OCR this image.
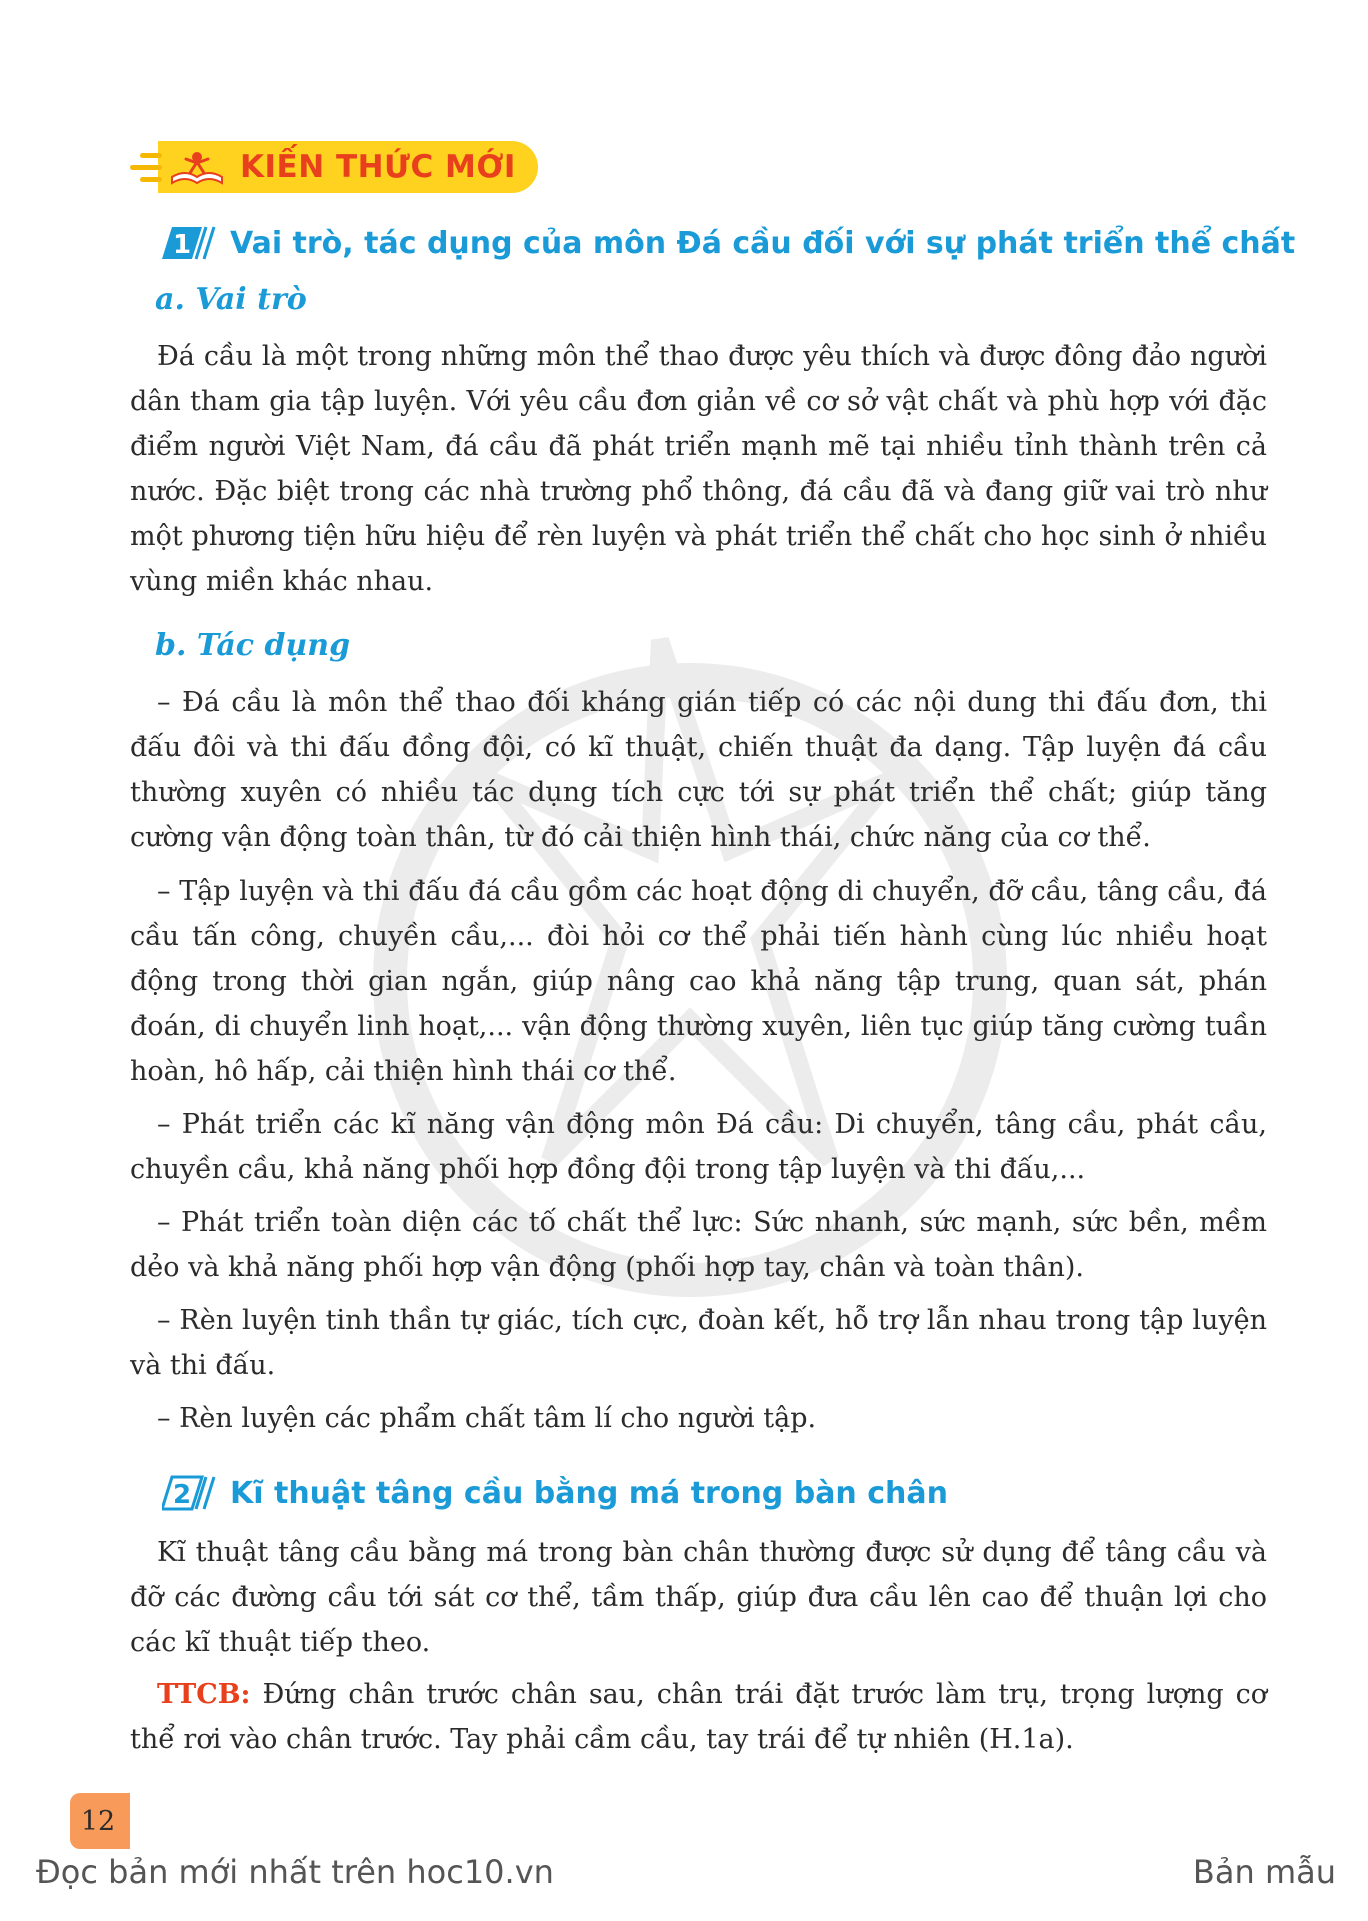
KIẾN THỨC MỚI
1 Vai trò, tác dụng của môn Đá cầu đối với sự phát triển thể chất
a. Vai trò

Đá cầu là một trong những môn thể thao được yêu thích và được đông đảo người dân tham gia tập luyện. Với yêu cầu đơn giản về cơ sở vật chất và phù hợp với đặc điểm người Việt Nam, đá cầu đã phát triển mạnh mẽ tại nhiều tỉnh thành trên cả nước. Đặc biệt trong các nhà trường phổ thông, đá cầu đã và đang giữ vai trò như một phương tiện hữu hiệu để rèn luyện và phát triển thể chất cho học sinh ở nhiều vùng miền khác nhau.

b. Tác dụng

– Đá cầu là môn thể thao đối kháng gián tiếp có các nội dung thi đấu đơn, thi đấu đôi và thi đấu đồng đội, có kĩ thuật, chiến thuật đa dạng. Tập luyện đá cầu thường xuyên có nhiều tác dụng tích cực tới sự phát triển thể chất; giúp tăng cường vận động toàn thân, từ đó cải thiện hình thái, chức năng của cơ thể.

– Tập luyện và thi đấu đá cầu gồm các hoạt động di chuyển, đỡ cầu, tâng cầu, đá cầu tấn công, chuyền cầu,... đòi hỏi cơ thể phải tiến hành cùng lúc nhiều hoạt động trong thời gian ngắn, giúp nâng cao khả năng tập trung, quan sát, phán đoán, di chuyển linh hoạt,... vận động thường xuyên, liên tục giúp tăng cường tuần hoàn, hô hấp, cải thiện hình thái cơ thể.

– Phát triển các kĩ năng vận động môn Đá cầu: Di chuyển, tâng cầu, phát cầu, chuyền cầu, khả năng phối hợp đồng đội trong tập luyện và thi đấu,...

– Phát triển toàn diện các tố chất thể lực: Sức nhanh, sức mạnh, sức bền, mềm dẻo và khả năng phối hợp vận động (phối hợp tay, chân và toàn thân).

– Rèn luyện tinh thần tự giác, tích cực, đoàn kết, hỗ trợ lẫn nhau trong tập luyện và thi đấu.

– Rèn luyện các phẩm chất tâm lí cho người tập.

2 Kĩ thuật tâng cầu bằng má trong bàn chân

Kĩ thuật tâng cầu bằng má trong bàn chân thường được sử dụng để tâng cầu và đỡ các đường cầu tới sát cơ thể, tầm thấp, giúp đưa cầu lên cao để thuận lợi cho các kĩ thuật tiếp theo.

TTCB: Đứng chân trước chân sau, chân trái đặt trước làm trụ, trọng lượng cơ thể rơi vào chân trước. Tay phải cầm cầu, tay trái để tự nhiên (H.1a).

12
Đọc bản mới nhất trên hoc10.vn	Bản mẫu
